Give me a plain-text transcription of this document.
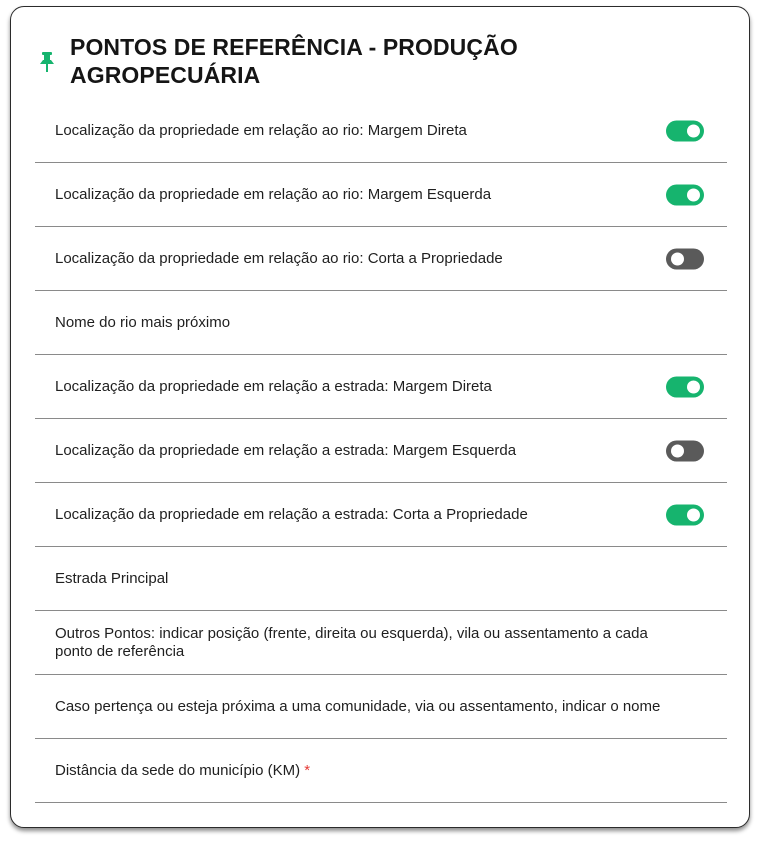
PONTOS DE REFERÊNCIA - PRODUÇÃO AGROPECUÁRIA
Localização da propriedade em relação ao rio: Margem Direta
Localização da propriedade em relação ao rio: Margem Esquerda
Localização da propriedade em relação ao rio: Corta a Propriedade
Nome do rio mais próximo
Localização da propriedade em relação a estrada: Margem Direta
Localização da propriedade em relação a estrada: Margem Esquerda
Localização da propriedade em relação a estrada: Corta a Propriedade
Estrada Principal
Outros Pontos: indicar posição (frente, direita ou esquerda), vila ou assentamento a cada ponto de referência
Caso pertença ou esteja próxima a uma comunidade, via ou assentamento, indicar o nome
Distância da sede do município (KM) *
